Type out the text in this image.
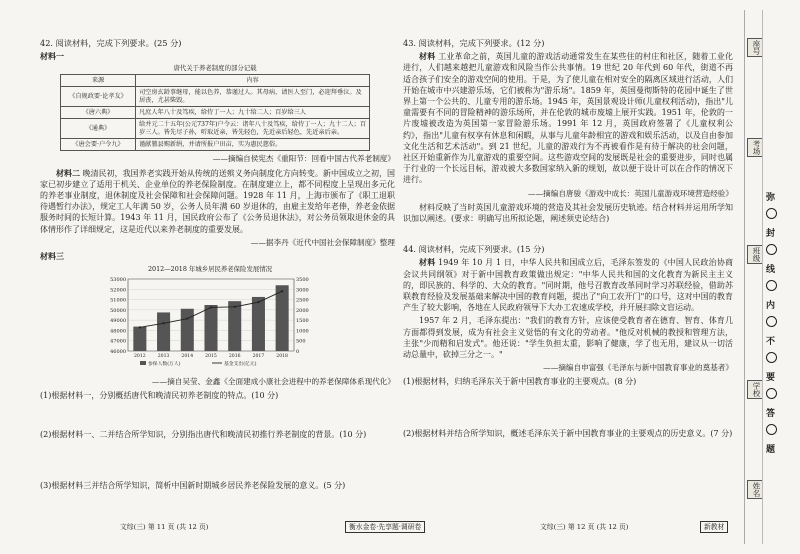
42. 阅读材料，完成下列要求。(25 分)

材料一

唐代关于养老制度的部分记载
来源	内容
《自规政要·论孝友》	司空房玄龄事继母，能以色养，恭谨过人。其母病，请医人至门，必迎拜垂泣。及居丧，尤甚柴毁。
《唐六典》	凡庶人年八十及笃疾，给侍丁一人；九十给二人；百岁给三人
《通典》	给并元二十五年(公元737年)户令云：诸年八十及笃疾，给侍丁一人；九十二人；百岁三人。皆先尽子孙，听取近亲，皆先轻色，先近亲后轻色，先近亲后亲。
《唐会要·户令九》	谨献篡县赐新绢，并请所报户田亩，实为惠民慈俗。

——摘编自侯宪杰《重阳节：回看中国古代养老制度》

材料二 晚清民初，我国养老实践开始从传统的送殡义务向制度化方向转变。新中国成立之初，国家已初步建立了适用于机关、企业单位的养老保险制度。在制度建立上，都不同程度上呈现出多元化的养老事业制度，退休制度及社会保障和社会保障问题。1928 年 11 月，上海市颁布了《职工退职待遇暂行办法》，规定工人年满 50 岁，公务人员年满 60 岁退休的，由雇主发给年老俸，养老金依据服务时间的长短计算。1943 年 11 月，国民政府公布了《公务员退休法》，对公务员领取退休金的具体情形作了详细规定，这是近代以来养老制度的重要发展。

——据李丹《近代中国社会保障制度》整理

材料三

2012—2018 年城乡居民养老保险发展情况
53000
52000
51000
50000
49000
48000
47000
46000
3500
3000
2500
2000
1500
1000
500
0
2012	2013	2014	2015	2016	2017	2018
参保人数(万人)	基金支出(亿元)

——摘自吴莹、金鑫《全面建成小康社会进程中的养老保障体系现代化》

(1)根据材料一，分别概括唐代和晚清民初养老制度的特点。(10 分)

(2)根据材料一、二并结合所学知识，分别指出唐代和晚清民初推行养老制度的背景。(10 分)

(3)根据材料三并结合所学知识，简析中国新时期城乡居民养老保险发展的意义。(5 分)

43. 阅读材料，完成下列要求。(12 分)

材料 工业革命之前，英国儿童的游戏活动通常发生在某些住的村庄和社区，随着工业化进行，人们越来越把儿童游戏和风险当作公共事情。19 世纪 20 年代到 60 年代，街道不再适合孩子们安全的游戏空间的使用。于是，为了使儿童在相对安全的隔离区域进行活动，人们开始在城市中兴建游乐场，它们被称为"游乐场"。1859 年，英国曼彻斯特的花园中诞生了世界上第一个公共的、儿童专用的游乐场。1945 年，英国景观设计师(儿童权利活动)，指出"儿童需要有不同的冒险精神的游乐场所，并在伦敦的城市废墟上展开实践。1951 年，伦敦的一片废墟被改造为英国第一家冒险游乐场。1991 年 12 月，英国政府签署了《儿童权利公约》，指出"儿童有权享有休息和闲暇，从事与儿童年龄相宜的游戏和娱乐活动，以及自由参加文化生活和艺术活动"。到 21 世纪，儿童的游戏行为不再被看作是有待于解决的社会问题，社区开始重新作为儿童游戏的重要空间。这些游戏空间的发展既是社会的重要进步，同时也属于行业的一个长远目标，游戏被大多数国家纳入新的规划，故以便于设计可以在合作的情况下进行。

——摘编自唐骏《游戏中成长：英国儿童游戏环境营造经验》

材料反映了当时英国儿童游戏环境的营造及其社会发展历史轨迹。结合材料并运用所学知识加以阐述。(要求：明确写出所拟论题，阐述须史论结合)

44. 阅读材料，完成下列要求。(15 分)

材料 1949 年 10 月 1 日，中华人民共和国成立后，毛泽东签发的《中国人民政治协商会议共同纲领》对于新中国教育政策做出规定："中华人民共和国的文化教育为新民主主义的，即民族的、科学的、大众的教育。"同时期，他号召教育改革同时学习苏联经验，借助苏联教育经验及发展基础来解决中国的教育问题，提出了"向工农开门"的口号，这对中国的教育产生了较大影响，各地在人民政府领导下大办工农速成学校，并开展扫除文盲运动。

1957 年 2 月，毛泽东提出："我们的教育方针，应该使受教育者在德育、智育、体育几方面都得到发展，成为有社会主义觉悟的有文化的劳动者。"他反对机械的教授和管理方法，主张"少而精和启发式"。他还说："学生负担太重，影响了健康，学了也无用，建议从一切活动总量中，砍掉三分之一。"

——摘编自申富强《毛泽东与新中国教育事业的奠基者》

(1)根据材料，归纳毛泽东关于新中国教育事业的主要观点。(8 分)

(2)根据材料并结合所学知识，概述毛泽东关于新中国教育事业的主要观点的历史意义。(7 分)

文综(三) 第 11 页 (共 12 页)	衡水金卷·先享题·调研卷	文综(三) 第 12 页 (共 12 页)	新教材
座号
考场
班级
学校
姓名
弥
封
线
内
不
要
答
题
